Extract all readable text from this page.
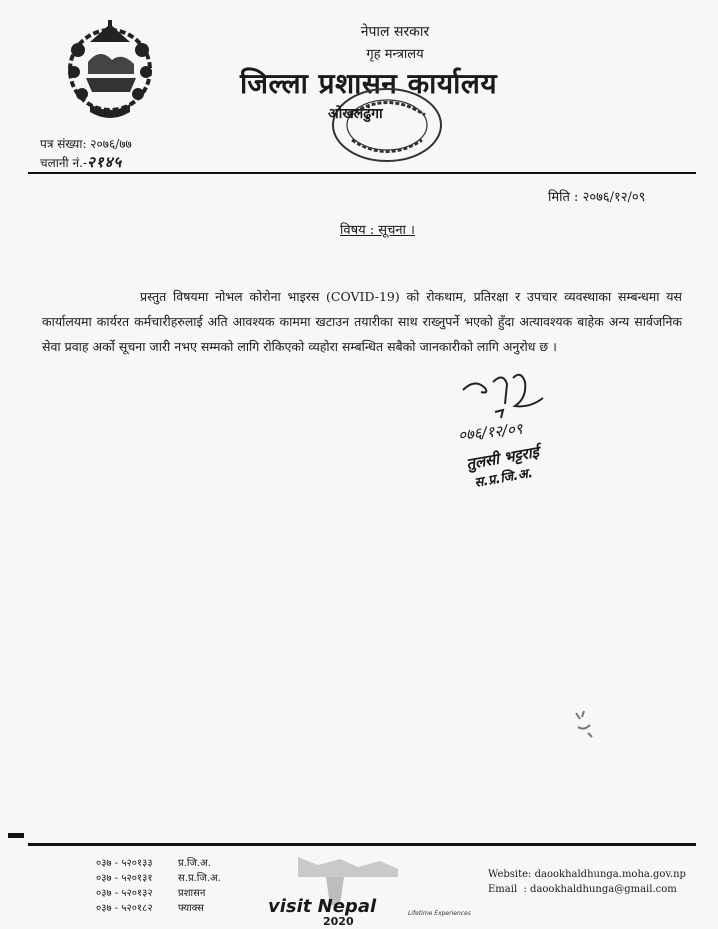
नेपाल सरकार
गृह मन्त्रालय
जिल्ला प्रशासन कार्यालय
ओखलढुंगा
पत्र संख्या: २०७६/७७
चलानी नं.-२१४५
मिति : २०७६/१२/०९
विषय : सूचना ।
प्रस्तुत विषयमा नोभल कोरोना भाइरस (COVID-19) को रोकथाम, प्रतिरक्षा र उपचार व्यवस्थाका सम्बन्धमा यस कार्यालयमा कार्यरत कर्मचारीहरुलाई अति आवश्यक काममा खटाउन तयारीका साथ राख्नुपर्ने भएको हुँदा अत्यावश्यक बाहेक अन्य सार्वजनिक सेवा प्रवाह अर्को सूचना जारी नभए सम्मको लागि रोकिएको व्यहोरा सम्बन्धित सबैको जानकारीको लागि अनुरोध छ ।
०७६/१२/०९
तुलसी भट्टराई
स.प्र.जि.अ.
०३७ - ५२०१३३	प्र.जि.अ.
०३७ - ५२०१३१	स.प्र.जि.अ.
०३७ - ५२०१३२	प्रशासन
०३७ - ५२०१८२	फ्याक्स	visit Nepal
2020
Lifetime Experiences
Website: daookhaldhunga.moha.gov.np
Email  : daookhaldhunga@gmail.com
